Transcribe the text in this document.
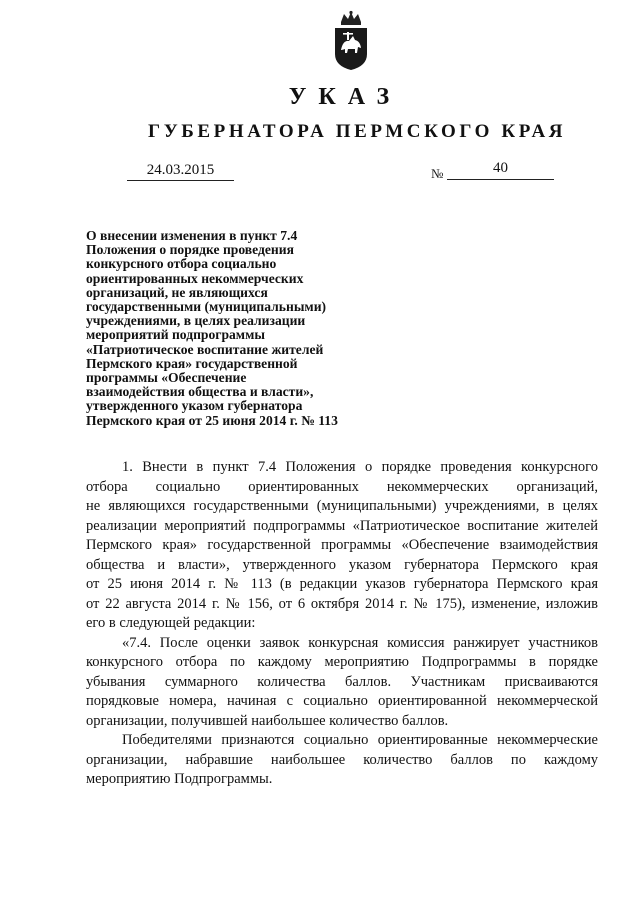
УКАЗ
ГУБЕРНАТОРА ПЕРМСКОГО КРАЯ
24.03.2015	№	40
О внесении изменения в пункт 7.4
Положения о порядке проведения
конкурсного отбора социально
ориентированных некоммерческих
организаций, не являющихся
государственными (муниципальными)
учреждениями, в целях реализации
мероприятий подпрограммы
«Патриотическое воспитание жителей
Пермского края» государственной
программы «Обеспечение
взаимодействия общества и власти»,
утвержденного указом губернатора
Пермского края от 25 июня 2014 г. № 113
1. Внести в пункт 7.4 Положения о порядке проведения конкурсного
отбора социально ориентированных некоммерческих организаций,
не являющихся государственными (муниципальными) учреждениями, в целях
реализации мероприятий подпрограммы «Патриотическое воспитание жителей
Пермского края» государственной программы «Обеспечение взаимодействия
общества и власти», утвержденного указом губернатора Пермского края
от 25 июня 2014 г. № 113 (в редакции указов губернатора Пермского края
от 22 августа 2014 г. № 156, от 6 октября 2014 г. № 175), изменение, изложив
его в следующей редакции:
«7.4. После оценки заявок конкурсная комиссия ранжирует участников
конкурсного отбора по каждому мероприятию Подпрограммы в порядке
убывания суммарного количества баллов. Участникам присваиваются
порядковые номера, начиная с социально ориентированной некоммерческой
организации, получившей наибольшее количество баллов.
Победителями признаются социально ориентированные некоммерческие
организации, набравшие наибольшее количество баллов по каждому
мероприятию Подпрограммы.
